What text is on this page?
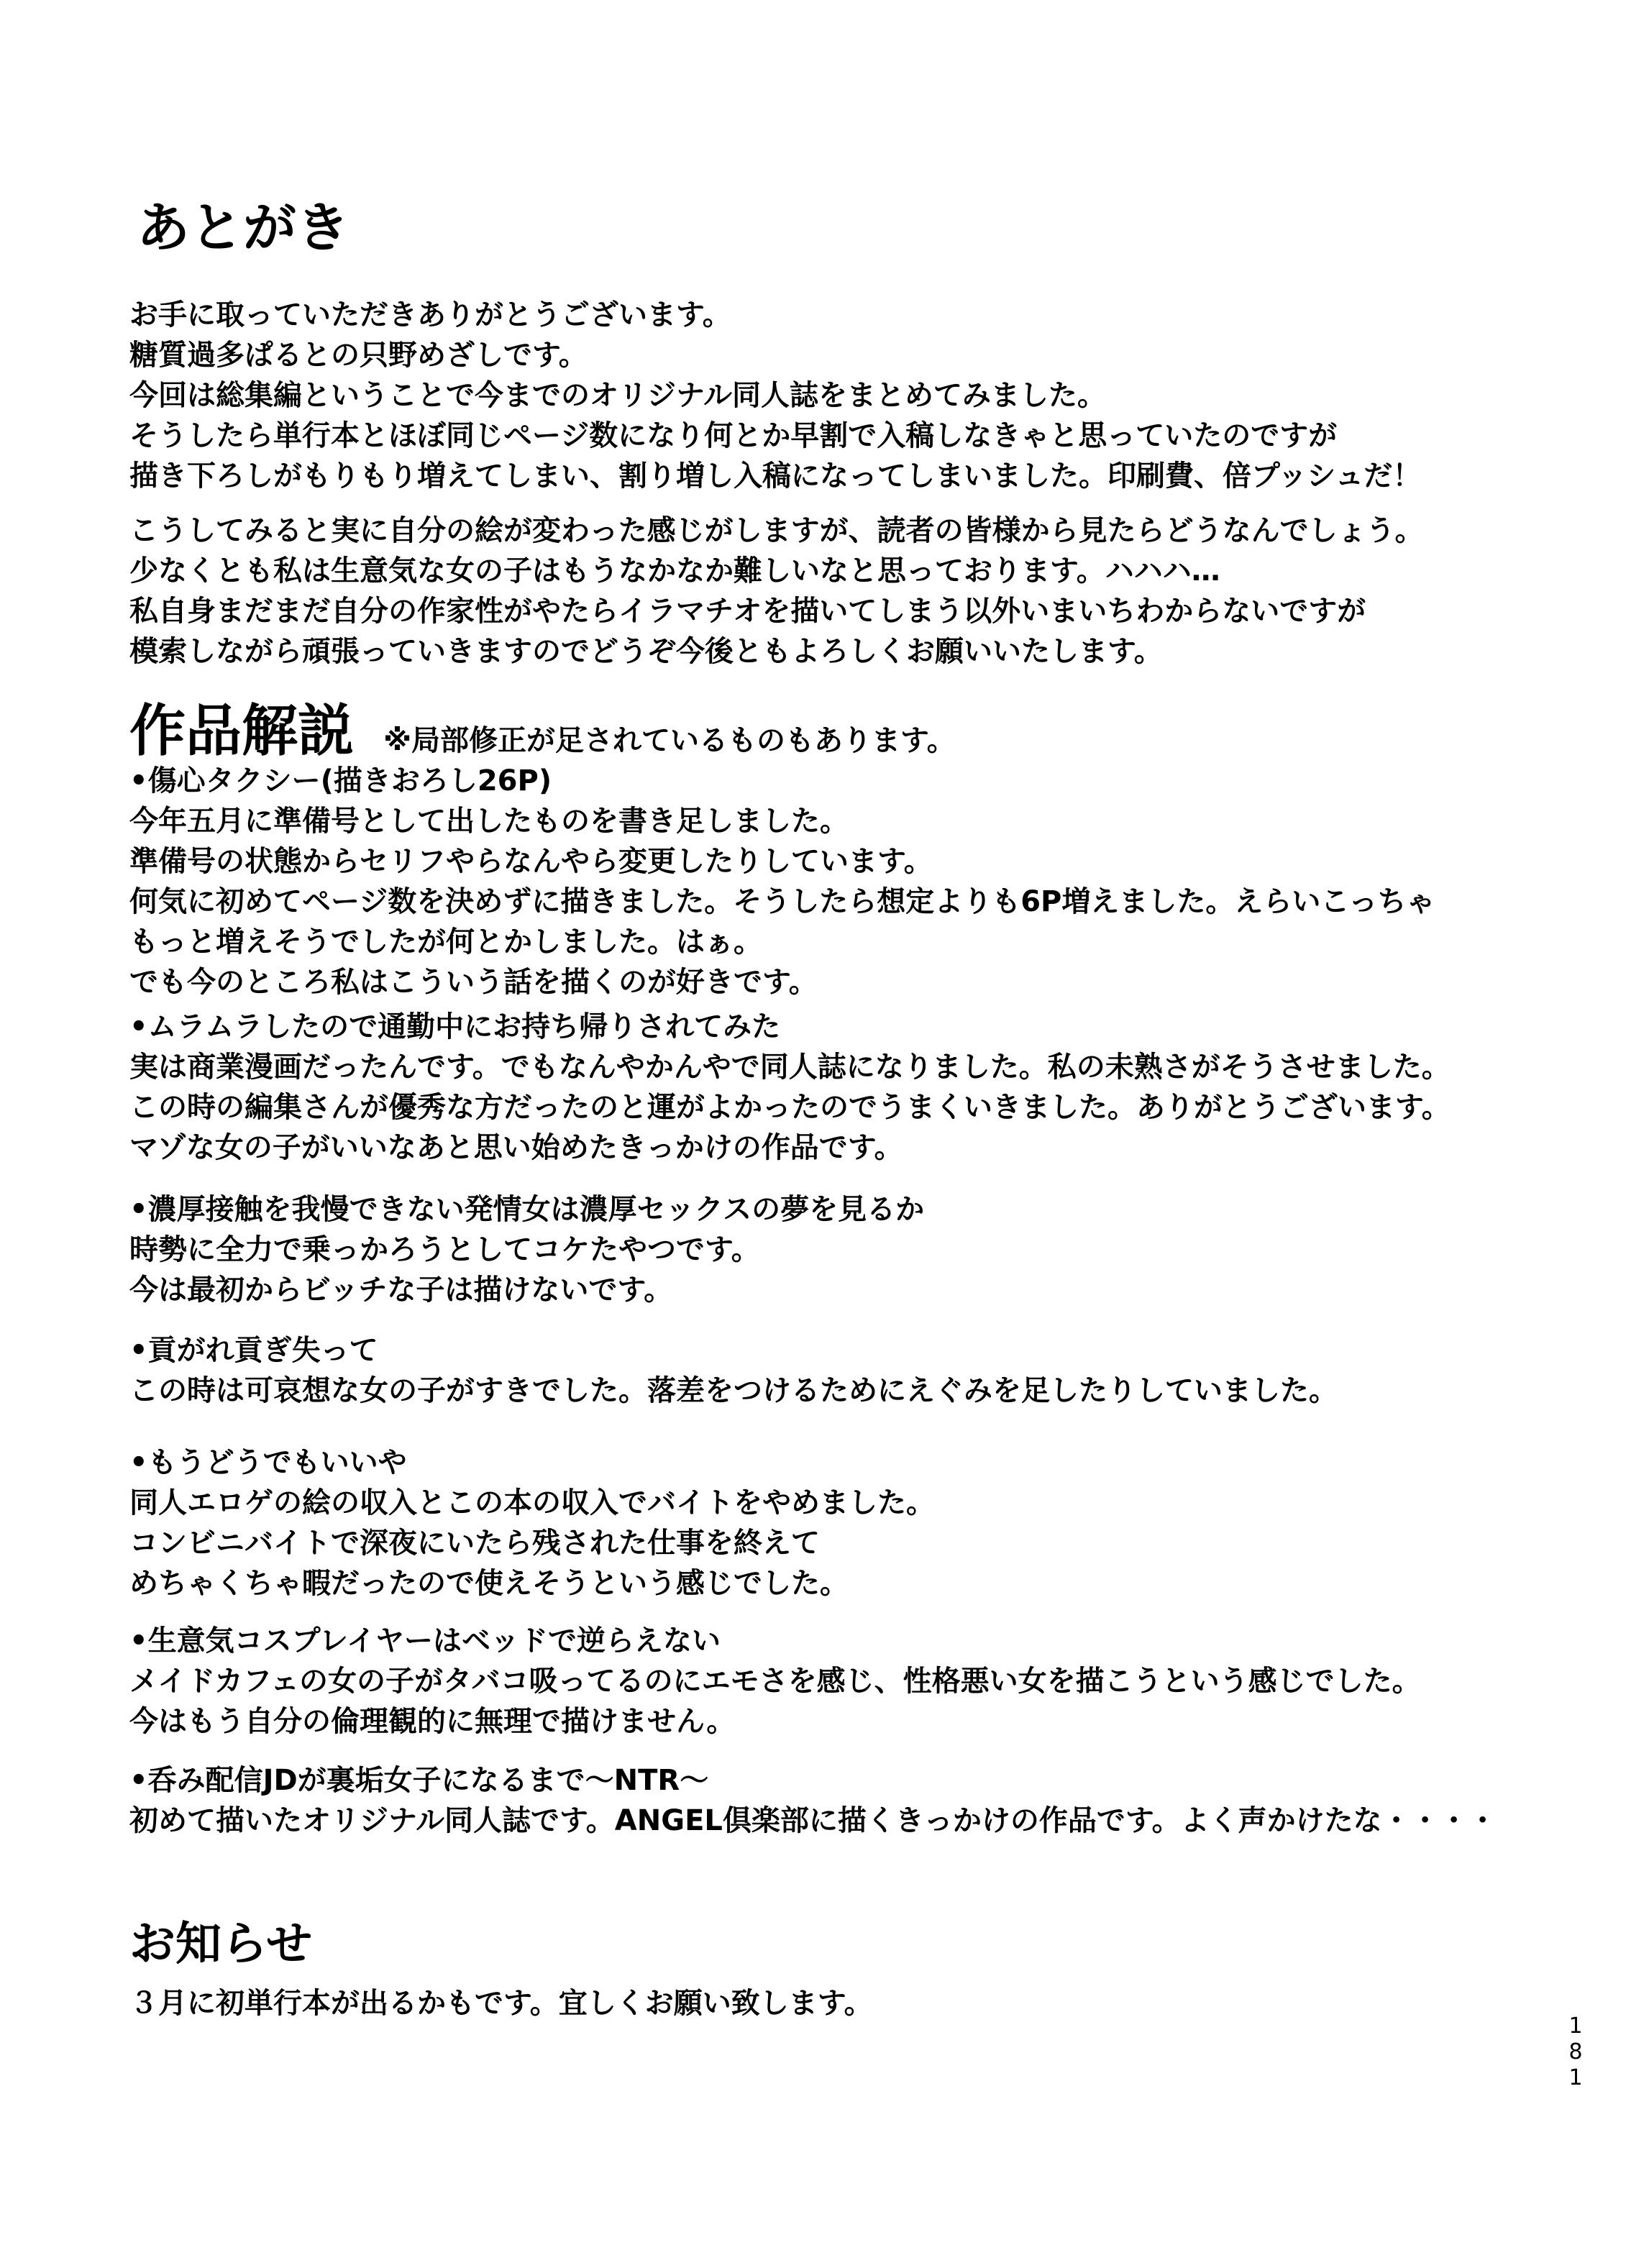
あとがき
お手に取っていただきありがとうございます。
糖質過多ぱるとの只野めざしです。
今回は総集編ということで今までのオリジナル同人誌をまとめてみました。
そうしたら単行本とほぼ同じページ数になり何とか早割で入稿しなきゃと思っていたのですが
描き下ろしがもりもり増えてしまい、割り増し入稿になってしまいました。印刷費、倍プッシュだ！
こうしてみると実に自分の絵が変わった感じがしますが、読者の皆様から見たらどうなんでしょう。
少なくとも私は生意気な女の子はもうなかなか難しいなと思っております。ハハハ…
私自身まだまだ自分の作家性がやたらイラマチオを描いてしまう以外いまいちわからないですが
模索しながら頑張っていきますのでどうぞ今後ともよろしくお願いいたします。
作品解説 ※局部修正が足されているものもあります。
•傷心タクシー(描きおろし26P)
今年五月に準備号として出したものを書き足しました。
準備号の状態からセリフやらなんやら変更したりしています。
何気に初めてページ数を決めずに描きました。そうしたら想定よりも6P増えました。えらいこっちゃ
もっと増えそうでしたが何とかしました。はぁ。
でも今のところ私はこういう話を描くのが好きです。
•ムラムラしたので通勤中にお持ち帰りされてみた
実は商業漫画だったんです。でもなんやかんやで同人誌になりました。私の未熟さがそうさせました。
この時の編集さんが優秀な方だったのと運がよかったのでうまくいきました。ありがとうございます。
マゾな女の子がいいなあと思い始めたきっかけの作品です。
•濃厚接触を我慢できない発情女は濃厚セックスの夢を見るか
時勢に全力で乗っかろうとしてコケたやつです。
今は最初からビッチな子は描けないです。
•貢がれ貢ぎ失って
この時は可哀想な女の子がすきでした。落差をつけるためにえぐみを足したりしていました。
•もうどうでもいいや
同人エロゲの絵の収入とこの本の収入でバイトをやめました。
コンビニバイトで深夜にいたら残された仕事を終えて
めちゃくちゃ暇だったので使えそうという感じでした。
•生意気コスプレイヤーはベッドで逆らえない
メイドカフェの女の子がタバコ吸ってるのにエモさを感じ、性格悪い女を描こうという感じでした。
今はもう自分の倫理観的に無理で描けません。
•呑み配信JDが裏垢女子になるまで〜NTR〜
初めて描いたオリジナル同人誌です。ANGEL倶楽部に描くきっかけの作品です。よく声かけたな・・・・
お知らせ
３月に初単行本が出るかもです。宜しくお願い致します。
1
8
1
